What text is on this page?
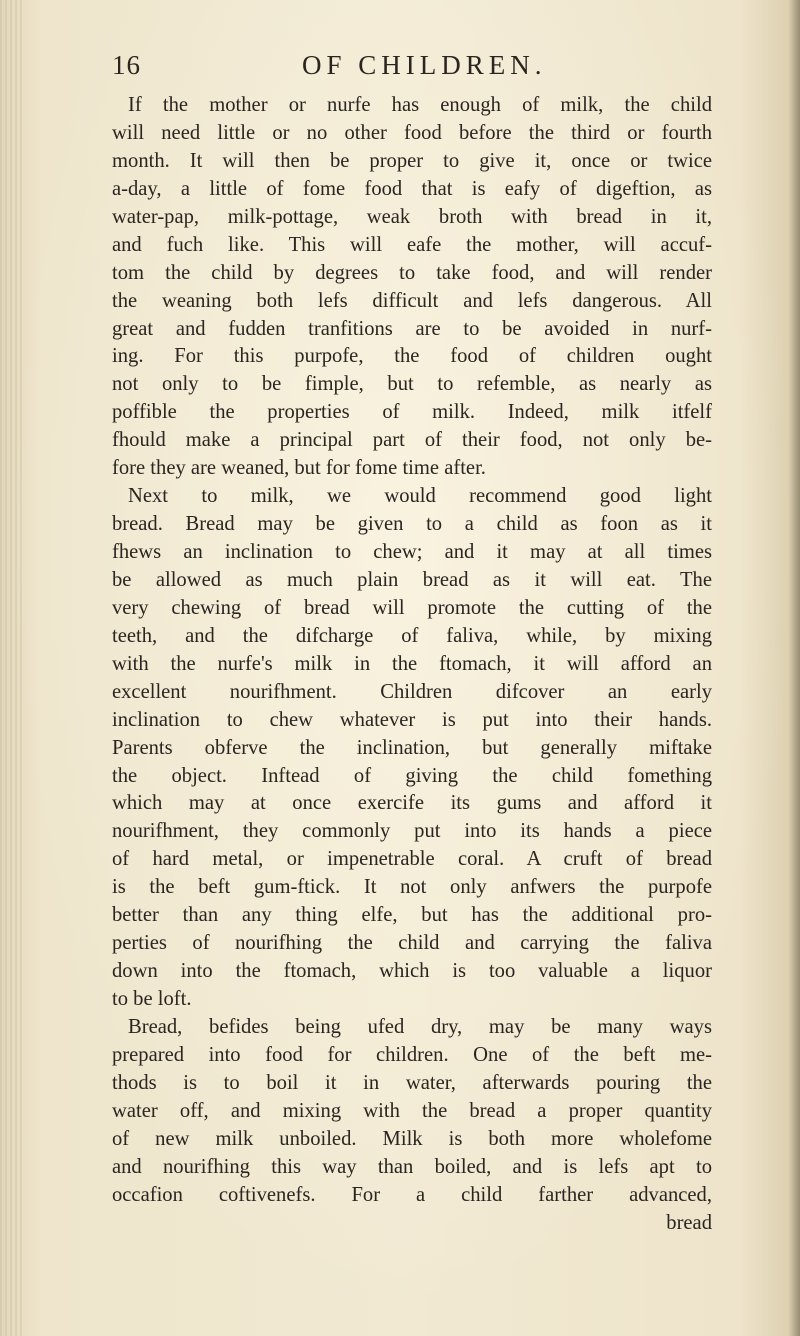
16	OF CHILDREN.
If the mother or nurfe has enough of milk, the child
will need little or no other food before the third or fourth
month. It will then be proper to give it, once or twice
a-day, a little of fome food that is eafy of digeftion, as
water-pap, milk-pottage, weak broth with bread in it,
and fuch like. This will eafe the mother, will accuf-
tom the child by degrees to take food, and will render
the weaning both lefs difficult and lefs dangerous. All
great and fudden tranfitions are to be avoided in nurf-
ing. For this purpofe, the food of children ought
not only to be fimple, but to refemble, as nearly as
poffible the properties of milk. Indeed, milk itfelf
fhould make a principal part of their food, not only be-
fore they are weaned, but for fome time after.
Next to milk, we would recommend good light
bread. Bread may be given to a child as foon as it
fhews an inclination to chew; and it may at all times
be allowed as much plain bread as it will eat. The
very chewing of bread will promote the cutting of the
teeth, and the difcharge of faliva, while, by mixing
with the nurfe's milk in the ftomach, it will afford an
excellent nourifhment. Children difcover an early
inclination to chew whatever is put into their hands.
Parents obferve the inclination, but generally miftake
the object. Inftead of giving the child fomething
which may at once exercife its gums and afford it
nourifhment, they commonly put into its hands a piece
of hard metal, or impenetrable coral. A cruft of bread
is the beft gum-ftick. It not only anfwers the purpofe
better than any thing elfe, but has the additional pro-
perties of nourifhing the child and carrying the faliva
down into the ftomach, which is too valuable a liquor
to be loft.
Bread, befides being ufed dry, may be many ways
prepared into food for children. One of the beft me-
thods is to boil it in water, afterwards pouring the
water off, and mixing with the bread a proper quantity
of new milk unboiled. Milk is both more wholefome
and nourifhing this way than boiled, and is lefs apt to
occafion coftivenefs. For a child farther advanced,
bread
